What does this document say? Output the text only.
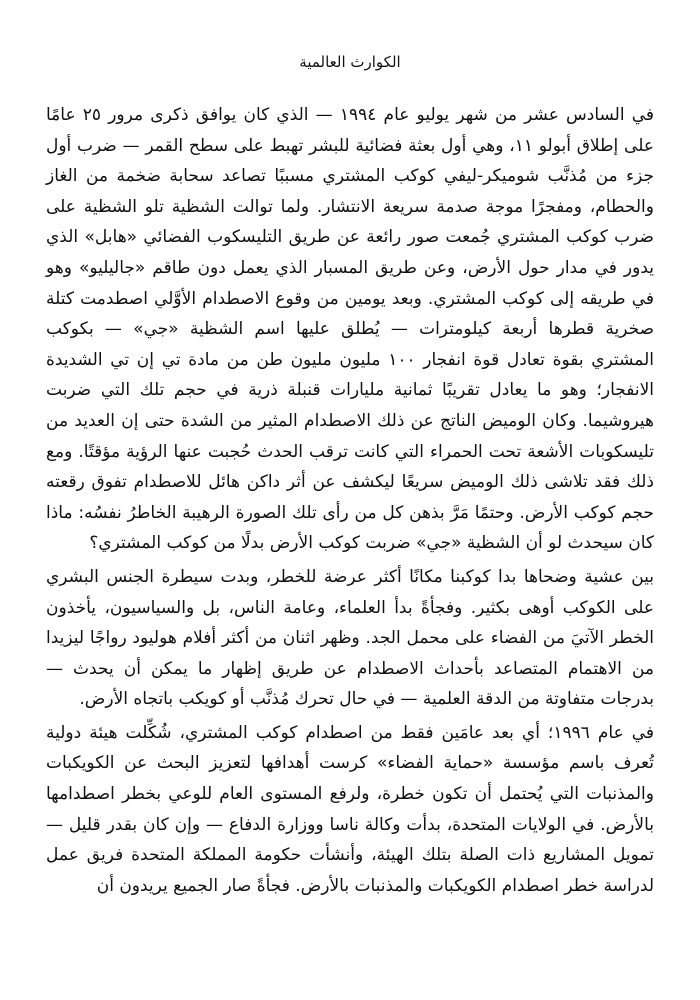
الكوارث العالمية

في السادس عشر من شهر يوليو عام ١٩٩٤ — الذي كان يوافق ذكرى مرور ٢٥ عامًا على إطلاق أبولو ١١، وهي أول بعثة فضائية للبشر تهبط على سطح القمر — ضرب أول جزء من مُذنَّب شوميكر-ليفي كوكب المشتري مسببًا تصاعد سحابة ضخمة من الغاز والحطام، ومفجرًا موجة صدمة سريعة الانتشار. ولما توالت الشظية تلو الشظية على ضرب كوكب المشتري جُمعت صور رائعة عن طريق التليسكوب الفضائي «هابل» الذي يدور في مدار حول الأرض، وعن طريق المسبار الذي يعمل دون طاقم «جاليليو» وهو في طريقه إلى كوكب المشتري. وبعد يومين من وقوع الاصطدام الأوَّلي اصطدمت كتلة صخرية قطرها أربعة كيلومترات — يُطلق عليها اسم الشظية «جي» — بكوكب المشتري بقوة تعادل قوة انفجار ١٠٠ مليون مليون طن من مادة تي إن تي الشديدة الانفجار؛ وهو ما يعادل تقريبًا ثمانية مليارات قنبلة ذرية في حجم تلك التي ضربت هيروشيما. وكان الوميض الناتج عن ذلك الاصطدام المثير من الشدة حتى إن العديد من تليسكوبات الأشعة تحت الحمراء التي كانت ترقب الحدث حُجبت عنها الرؤية مؤقتًا. ومع ذلك فقد تلاشى ذلك الوميض سريعًا ليكشف عن أثر داكن هائل للاصطدام تفوق رقعته حجم كوكب الأرض. وحتمًا مَرَّ بذهن كل من رأى تلك الصورة الرهيبة الخاطرُ نفسُه: ماذا كان سيحدث لو أن الشظية «جي» ضربت كوكب الأرض بدلًا من كوكب المشتري؟

بين عشية وضحاها بدا كوكبنا مكانًا أكثر عرضة للخطر، وبدت سيطرة الجنس البشري على الكوكب أوهى بكثير. وفجأةً بدأ العلماء، وعامة الناس، بل والسياسيون، يأخذون الخطر الآتيَ من الفضاء على محمل الجد. وظهر اثنان من أكثر أفلام هوليود رواجًا ليزيدا من الاهتمام المتصاعد بأحداث الاصطدام عن طريق إظهار ما يمكن أن يحدث — بدرجات متفاوتة من الدقة العلمية — في حال تحرك مُذنَّب أو كويكب باتجاه الأرض.

في عام ١٩٩٦؛ أي بعد عامَين فقط من اصطدام كوكب المشتري، شُكِّلت هيئة دولية تُعرف باسم مؤسسة «حماية الفضاء» كرست أهدافها لتعزيز البحث عن الكويكبات والمذنبات التي يُحتمل أن تكون خطرة، ولرفع المستوى العام للوعي بخطر اصطدامها بالأرض. في الولايات المتحدة، بدأت وكالة ناسا ووزارة الدفاع — وإن كان بقدر قليل — تمويل المشاريع ذات الصلة بتلك الهيئة، وأنشأت حكومة المملكة المتحدة فريق عمل لدراسة خطر اصطدام الكويكبات والمذنبات بالأرض. فجأةً صار الجميع يريدون أن
